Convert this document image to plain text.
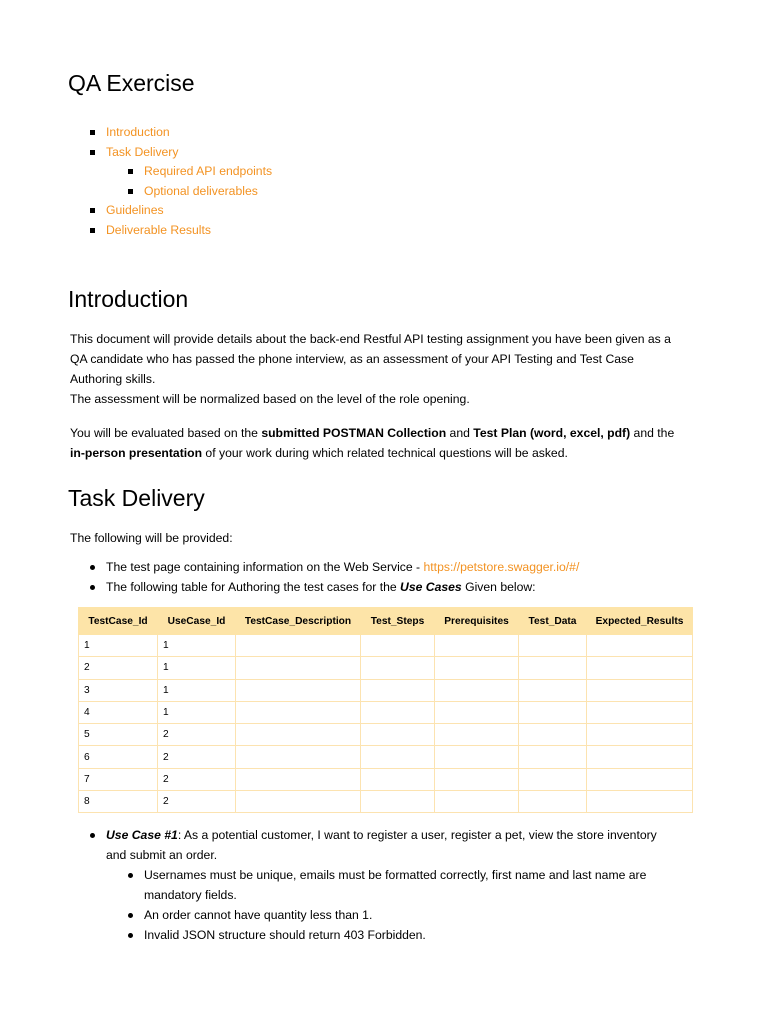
QA Exercise
Introduction
Task Delivery
Required API endpoints
Optional deliverables
Guidelines
Deliverable Results
Introduction
This document will provide details about the back-end Restful API testing assignment you have been given as a
QA candidate who has passed the phone interview, as an assessment of your API Testing and Test Case
Authoring skills.
The assessment will be normalized based on the level of the role opening.
You will be evaluated based on the submitted POSTMAN Collection and Test Plan (word, excel, pdf) and the
in-person presentation of your work during which related technical questions will be asked.
Task Delivery
The following will be provided:
The test page containing information on the Web Service - https://petstore.swagger.io/#/
The following table for Authoring the test cases for the Use Cases Given below:
TestCase_Id	UseCase_Id	TestCase_Description	Test_Steps	Prerequisites	Test_Data	Expected_Results
1	1					
2	1					
3	1					
4	1					
5	2					
6	2					
7	2					
8	2					
Use Case #1: As a potential customer, I want to register a user, register a pet, view the store inventory
and submit an order.
Usernames must be unique, emails must be formatted correctly, first name and last name are
mandatory fields.
An order cannot have quantity less than 1.
Invalid JSON structure should return 403 Forbidden.
